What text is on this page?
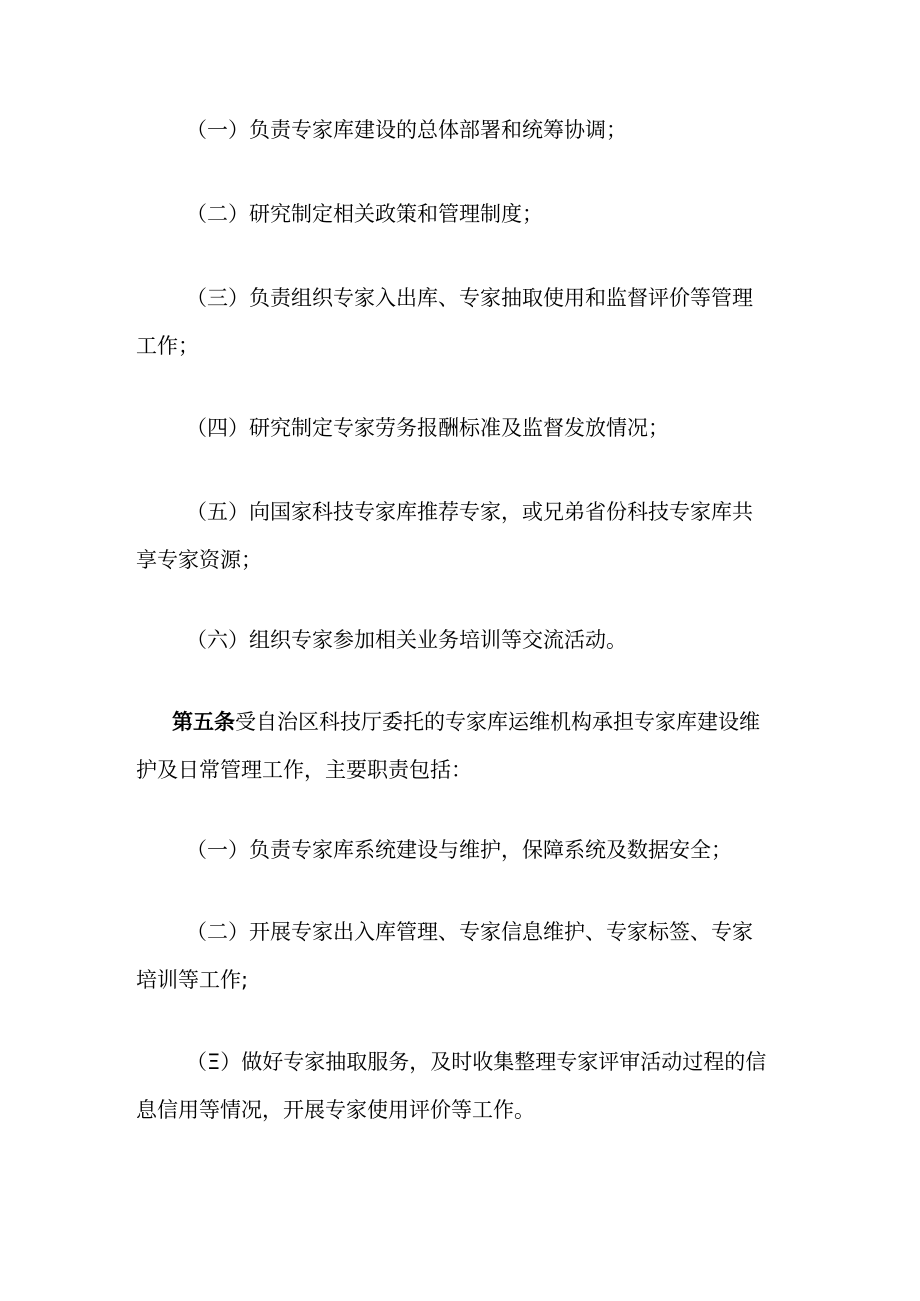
（一）负责专家库建设的总体部署和统筹协调；
（二）研究制定相关政策和管理制度；
（三）负责组织专家入出库、专家抽取使用和监督评价等管理
工作；
（四）研究制定专家劳务报酬标准及监督发放情况；
（五）向国家科技专家库推荐专家，或兄弟省份科技专家库共
享专家资源；
（六）组织专家参加相关业务培训等交流活动。
第五条受自治区科技厅委托的专家库运维机构承担专家库建设维
护及日常管理工作，主要职责包括：
（一）负责专家库系统建设与维护，保障系统及数据安全；
（二）开展专家出入库管理、专家信息维护、专家标签、专家
培训等工作;
（Ξ）做好专家抽取服务，及时收集整理专家评审活动过程的信
息信用等情况，开展专家使用评价等工作。
